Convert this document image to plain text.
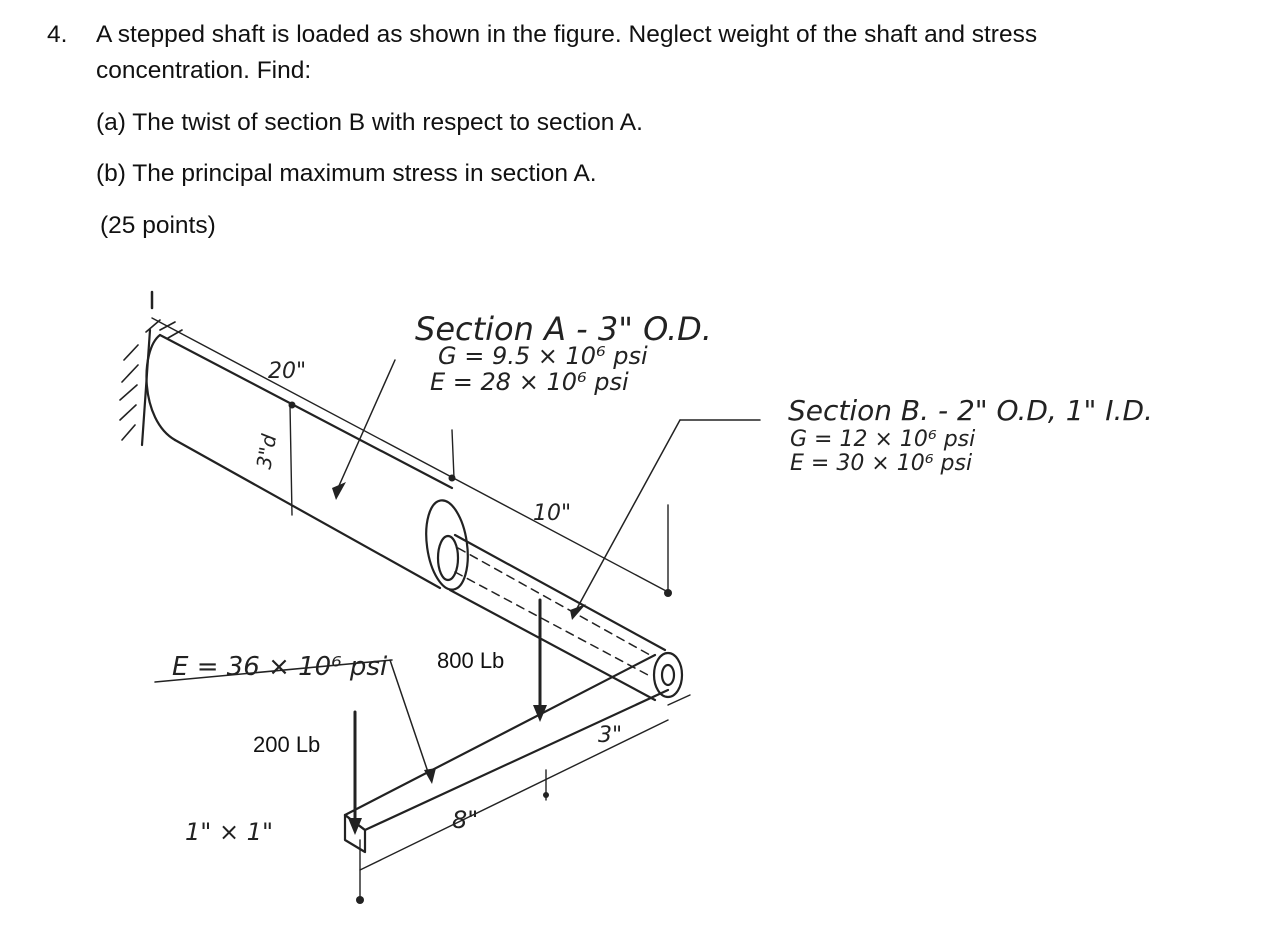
4. A stepped shaft is loaded as shown in the figure. Neglect weight of the shaft and stress
concentration. Find:
(a) The twist of section B with respect to section A.
(b) The principal maximum stress in section A.
(25 points)
Section A - 3" O.D.
G = 9.5 × 10⁶ psi
E = 28 × 10⁶ psi
Section B. - 2" O.D, 1" I.D.
G = 12 × 10⁶ psi
E = 30 × 10⁶ psi
20"
3"d
10"
3"
8"
1" × 1"
E = 36 × 10⁶ psi 800 Lb
200 Lb
